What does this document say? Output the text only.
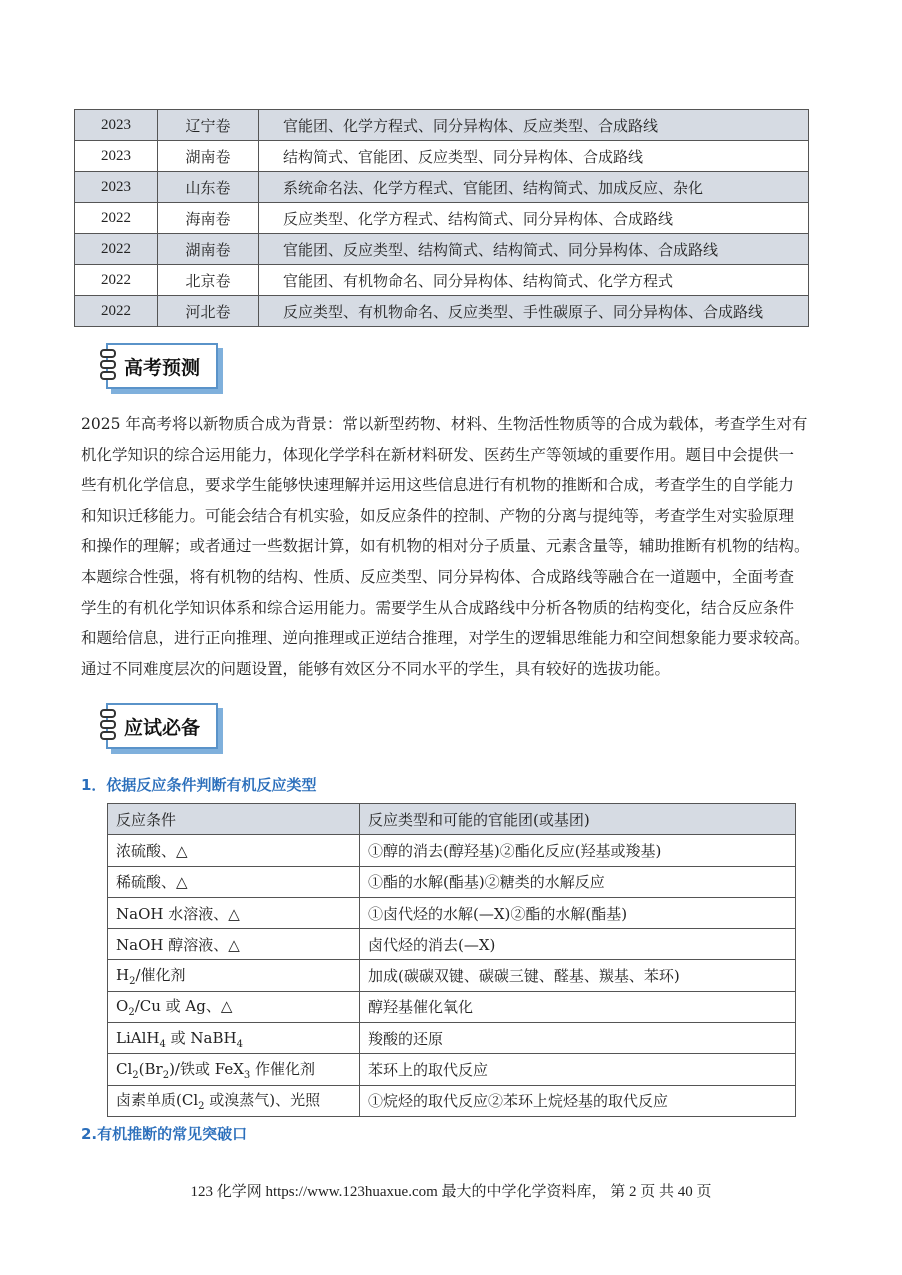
2023	辽宁卷	官能团、化学方程式、同分异构体、反应类型、合成路线
2023	湖南卷	结构简式、官能团、反应类型、同分异构体、合成路线
2023	山东卷	系统命名法、化学方程式、官能团、结构简式、加成反应、杂化
2022	海南卷	反应类型、化学方程式、结构简式、同分异构体、合成路线
2022	湖南卷	官能团、反应类型、结构简式、结构简式、同分异构体、合成路线
2022	北京卷	官能团、有机物命名、同分异构体、结构简式、化学方程式
2022	河北卷	反应类型、有机物命名、反应类型、手性碳原子、同分异构体、合成路线
高考预测
2025 年高考将以新物质合成为背景：常以新型药物、材料、生物活性物质等的合成为载体，考查学生对有
机化学知识的综合运用能力，体现化学学科在新材料研发、医药生产等领域的重要作用。题目中会提供一
些有机化学信息，要求学生能够快速理解并运用这些信息进行有机物的推断和合成，考查学生的自学能力
和知识迁移能力。可能会结合有机实验，如反应条件的控制、产物的分离与提纯等，考查学生对实验原理
和操作的理解；或者通过一些数据计算，如有机物的相对分子质量、元素含量等，辅助推断有机物的结构。
本题综合性强，将有机物的结构、性质、反应类型、同分异构体、合成路线等融合在一道题中，全面考查
学生的有机化学知识体系和综合运用能力。需要学生从合成路线中分析各物质的结构变化，结合反应条件
和题给信息，进行正向推理、逆向推理或正逆结合推理，对学生的逻辑思维能力和空间想象能力要求较高。
通过不同难度层次的问题设置，能够有效区分不同水平的学生，具有较好的选拔功能。
应试必备
1．依据反应条件判断有机反应类型
反应条件	反应类型和可能的官能团(或基团)
浓硫酸、△	①醇的消去(醇羟基)②酯化反应(羟基或羧基)
稀硫酸、△	①酯的水解(酯基)②糖类的水解反应
NaOH 水溶液、△	①卤代烃的水解(—X)②酯的水解(酯基)
NaOH 醇溶液、△	卤代烃的消去(—X)
$H_2/$催化剂	加成(碳碳双键、碳碳三键、醛基、羰基、苯环)
$O_2/Cu$ 或 Ag、△	醇羟基催化氧化
LiAlH$_4$ 或 NaBH$_4$	羧酸的还原
$Cl_2(Br_2)/$铁或 FeX$_3$ 作催化剂	苯环上的取代反应
卤素单质($Cl_2$ 或溴蒸气)、光照	①烷烃的取代反应②苯环上烷烃基的取代反应
2.有机推断的常见突破口
123 化学网 https://www.123huaxue.com 最大的中学化学资料库， 第 2 页 共 40 页
